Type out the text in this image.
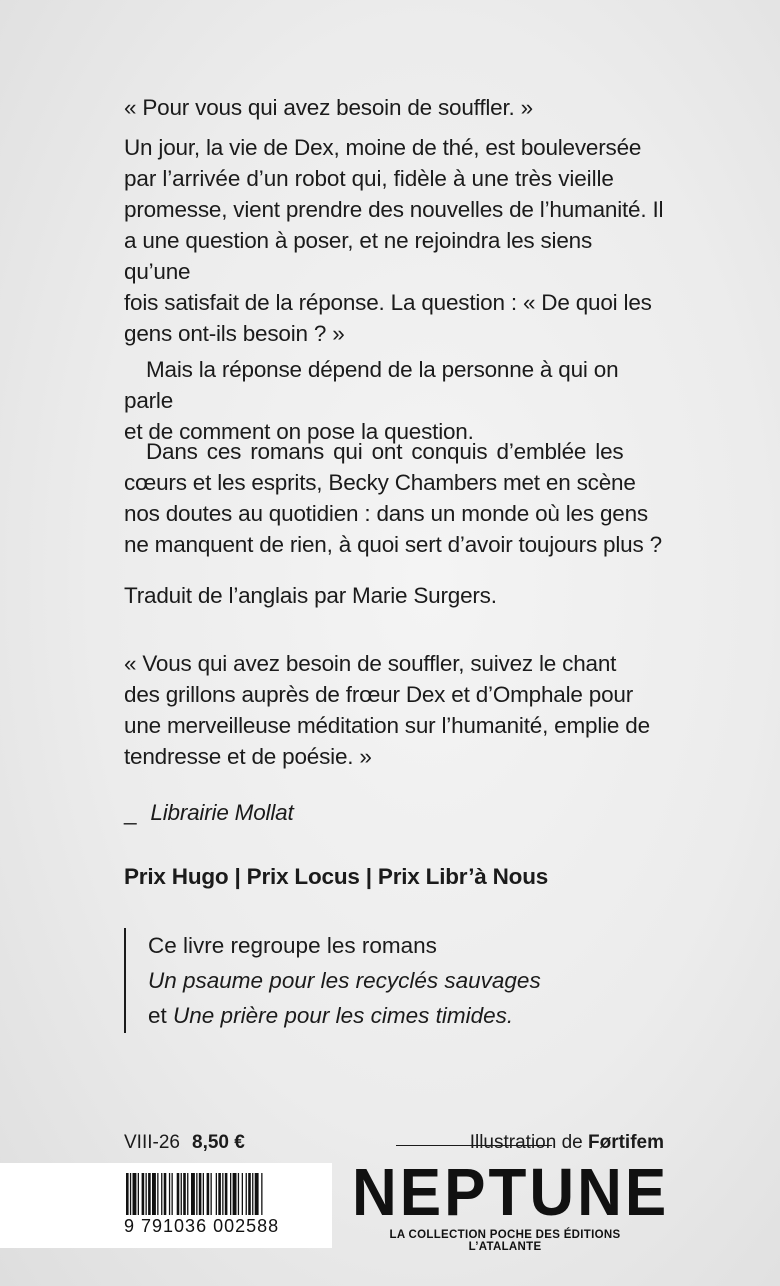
« Pour vous qui avez besoin de souffler. »

Un jour, la vie de Dex, moine de thé, est bouleversée
par l’arrivée d’un robot qui, fidèle à une très vieille
promesse, vient prendre des nouvelles de l’humanité. Il
a une question à poser, et ne rejoindra les siens qu’une
fois satisfait de la réponse. La question : « De quoi les
gens ont-ils besoin ? »
Mais la réponse dépend de la personne à qui on parle
et de comment on pose la question.
Dans ces romans qui ont conquis d’emblée les
cœurs et les esprits, Becky Chambers met en scène
nos doutes au quotidien : dans un monde où les gens
ne manquent de rien, à quoi sert d’avoir toujours plus ?
Traduit de l’anglais par Marie Surgers.
« Vous qui avez besoin de souffler, suivez le chant
des grillons auprès de frœur Dex et d’Omphale pour
une merveilleuse méditation sur l’humanité, emplie de
tendresse et de poésie. »
_ Librairie Mollat
Prix Hugo | Prix Locus | Prix Libr’à Nous
Ce livre regroupe les romans
Un psaume pour les recyclés sauvages
et Une prière pour les cimes timides.
VIII-26 8,50 €	Illustration de Førtifem
9 791036 002588 NEPTUNE
LA COLLECTION POCHE DES ÉDITIONS L’ATALANTE
